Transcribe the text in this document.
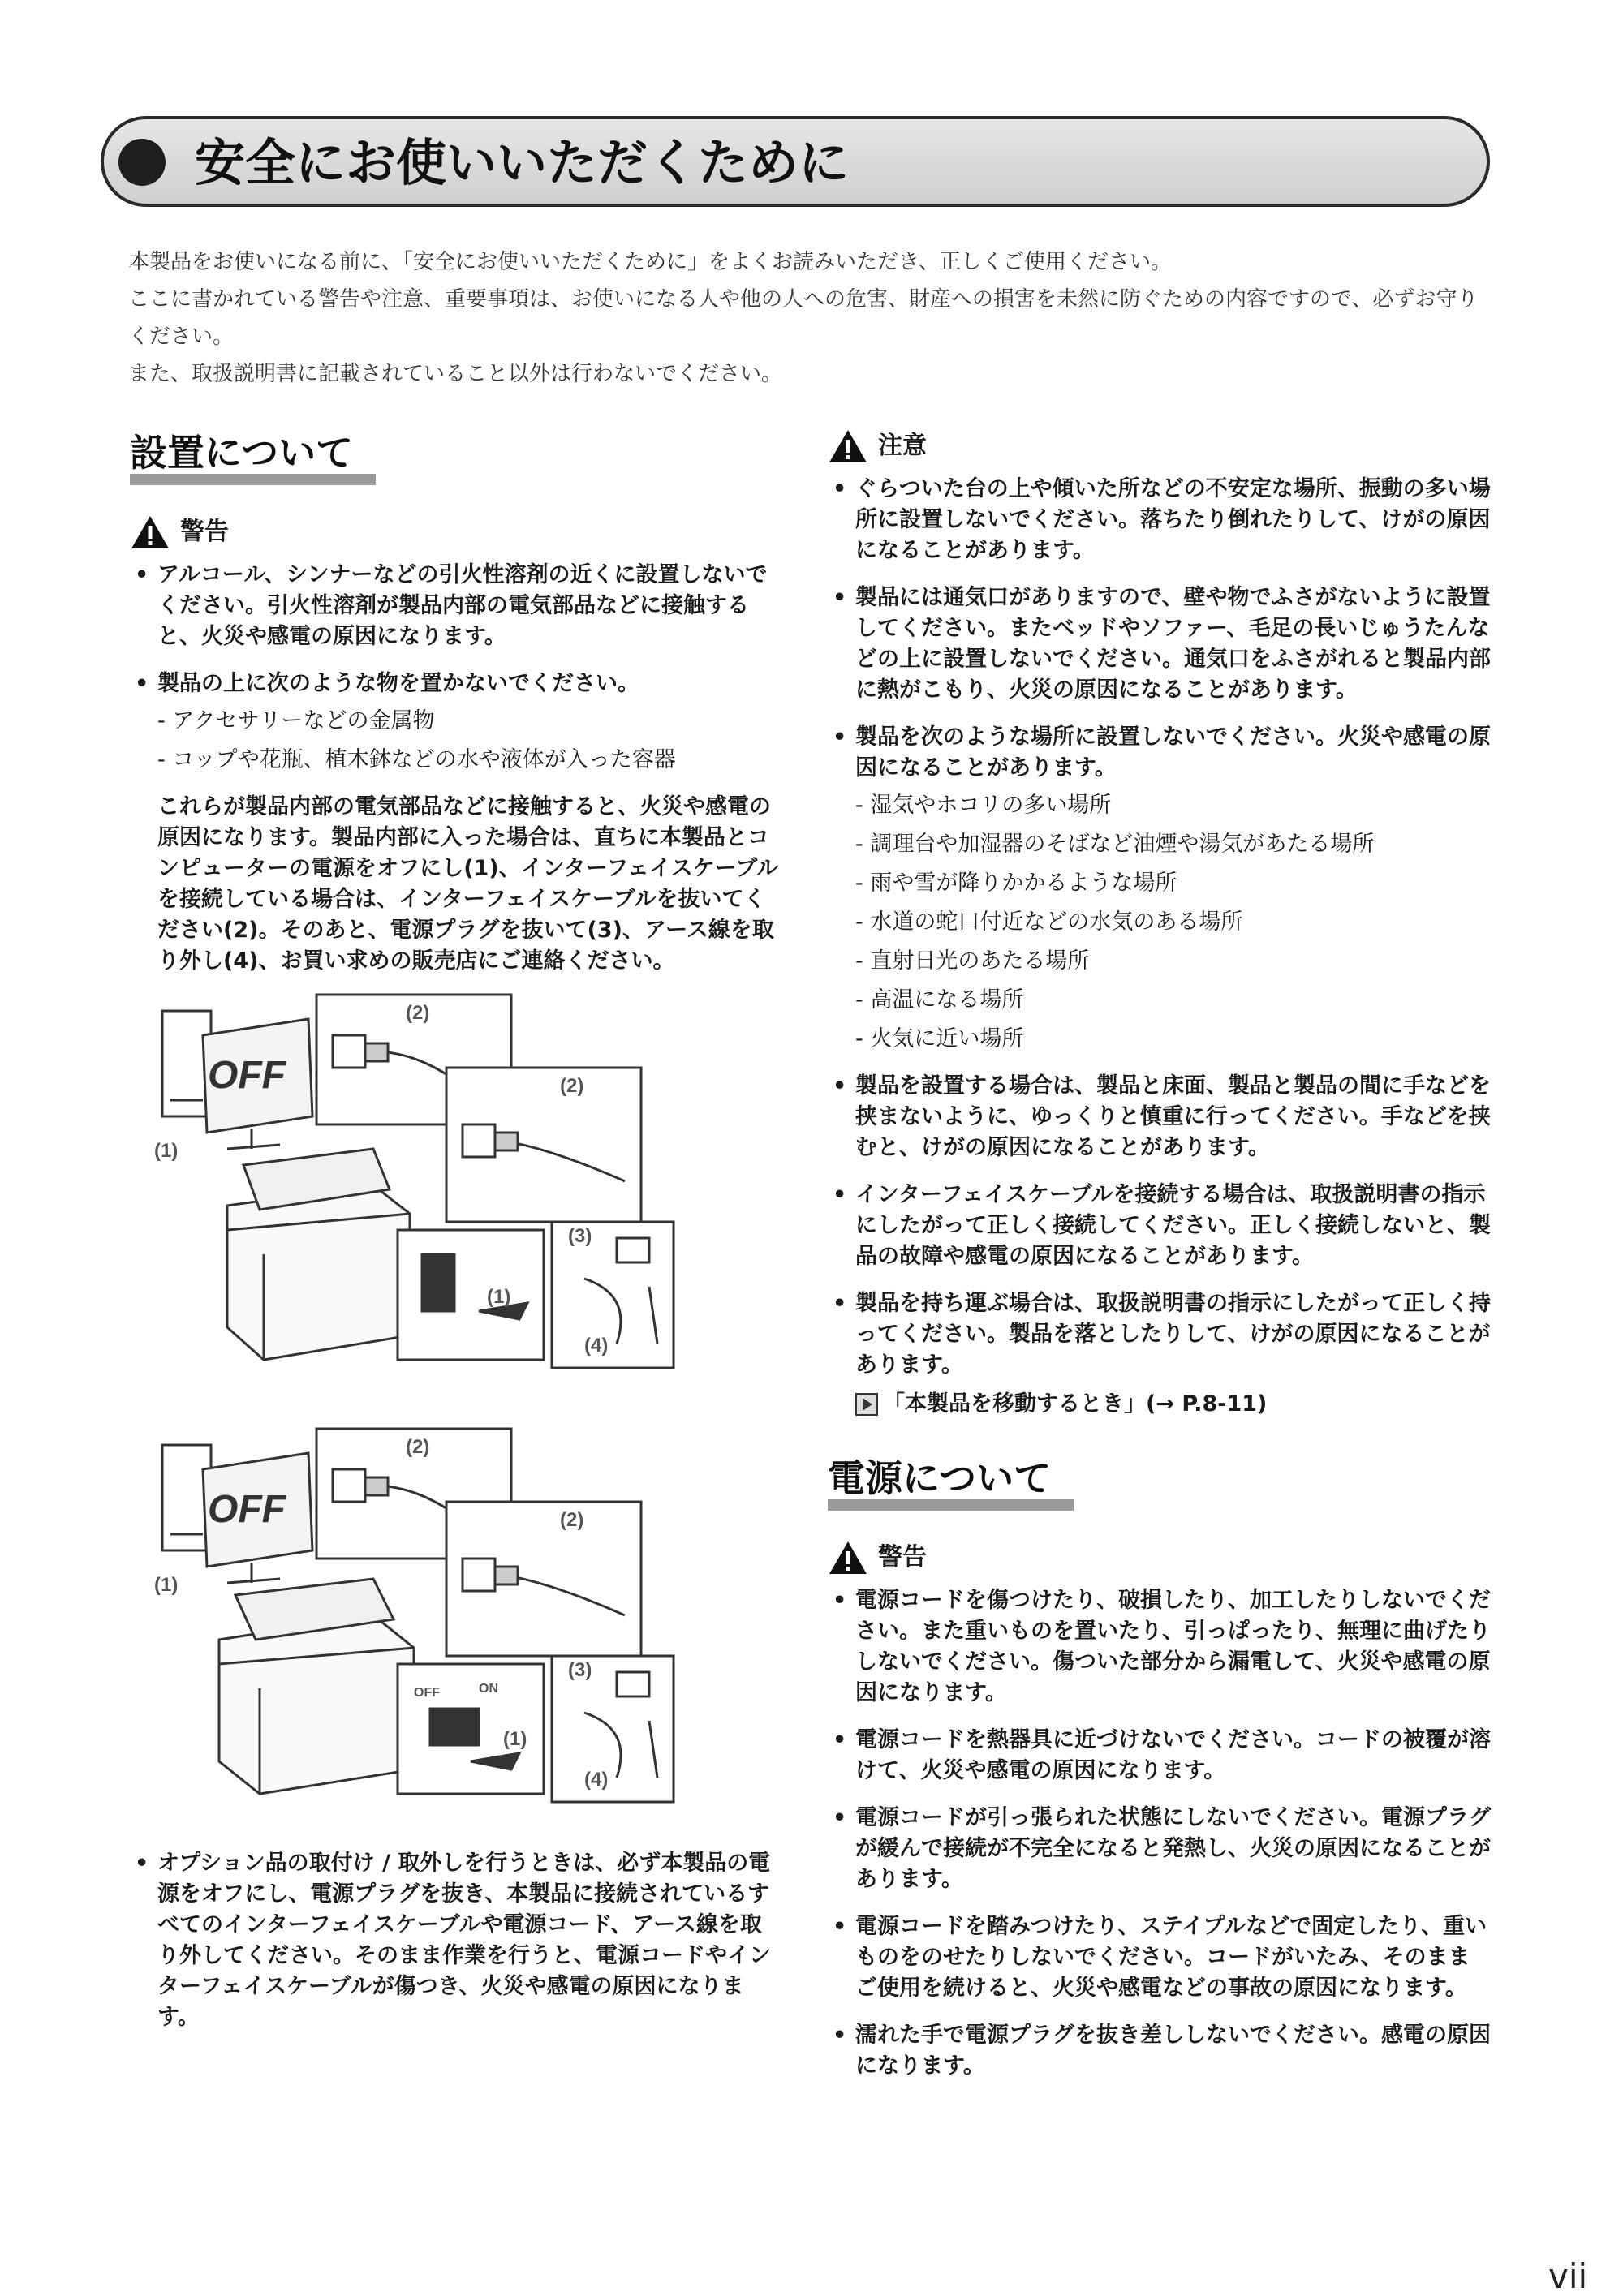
安全にお使いいただくために

本製品をお使いになる前に、「安全にお使いいただくために」をよくお読みいただき、正しくご使用ください。

ここに書かれている警告や注意、重要事項は、お使いになる人や他の人への危害、財産への損害を未然に防ぐための内容ですので、必ずお守りください。

また、取扱説明書に記載されていること以外は行わないでください。

設置について
警告
• アルコール、シンナーなどの引火性溶剤の近くに設置しないでください。引火性溶剤が製品内部の電気部品などに接触すると、火災や感電の原因になります。
• 製品の上に次のような物を置かないでください。
- アクセサリーなどの金属物
- コップや花瓶、植木鉢などの水や液体が入った容器

これらが製品内部の電気部品などに接触すると、火災や感電の原因になります。製品内部に入った場合は、直ちに本製品とコンピューターの電源をオフにし(1)、インターフェイスケーブルを接続している場合は、インターフェイスケーブルを抜いてください(2)。そのあと、電源プラグを抜いて(3)、アース線を取り外し(4)、お買い求めの販売店にご連絡ください。

OFF
(1)
(2)
(2)
(1)
(3)
(4)

OFF
(1)
(2)
(2)
OFF	ON
(1)
(3)
(4)
• オプション品の取付け / 取外しを行うときは、必ず本製品の電源をオフにし、電源プラグを抜き、本製品に接続されているすべてのインターフェイスケーブルや電源コード、アース線を取り外してください。そのまま作業を行うと、電源コードやインターフェイスケーブルが傷つき、火災や感電の原因になります。
注意
• ぐらついた台の上や傾いた所などの不安定な場所、振動の多い場所に設置しないでください。落ちたり倒れたりして、けがの原因になることがあります。
• 製品には通気口がありますので、壁や物でふさがないように設置してください。またベッドやソファー、毛足の長いじゅうたんなどの上に設置しないでください。通気口をふさがれると製品内部に熱がこもり、火災の原因になることがあります。
• 製品を次のような場所に設置しないでください。火災や感電の原因になることがあります。
- 湿気やホコリの多い場所
- 調理台や加湿器のそばなど油煙や湯気があたる場所
- 雨や雪が降りかかるような場所
- 水道の蛇口付近などの水気のある場所
- 直射日光のあたる場所
- 高温になる場所
- 火気に近い場所
• 製品を設置する場合は、製品と床面、製品と製品の間に手などを挟まないように、ゆっくりと慎重に行ってください。手などを挟むと、けがの原因になることがあります。
• インターフェイスケーブルを接続する場合は、取扱説明書の指示にしたがって正しく接続してください。正しく接続しないと、製品の故障や感電の原因になることがあります。
• 製品を持ち運ぶ場合は、取扱説明書の指示にしたがって正しく持ってください。製品を落としたりして、けがの原因になることがあります。
「本製品を移動するとき」(→ P.8-11)
電源について
警告
• 電源コードを傷つけたり、破損したり、加工したりしないでください。また重いものを置いたり、引っぱったり、無理に曲げたりしないでください。傷ついた部分から漏電して、火災や感電の原因になります。
• 電源コードを熱器具に近づけないでください。コードの被覆が溶けて、火災や感電の原因になります。
• 電源コードが引っ張られた状態にしないでください。電源プラグが緩んで接続が不完全になると発熱し、火災の原因になることがあります。
• 電源コードを踏みつけたり、ステイプルなどで固定したり、重いものをのせたりしないでください。コードがいたみ、そのままご使用を続けると、火災や感電などの事故の原因になります。
• 濡れた手で電源プラグを抜き差ししないでください。感電の原因になります。
vii
